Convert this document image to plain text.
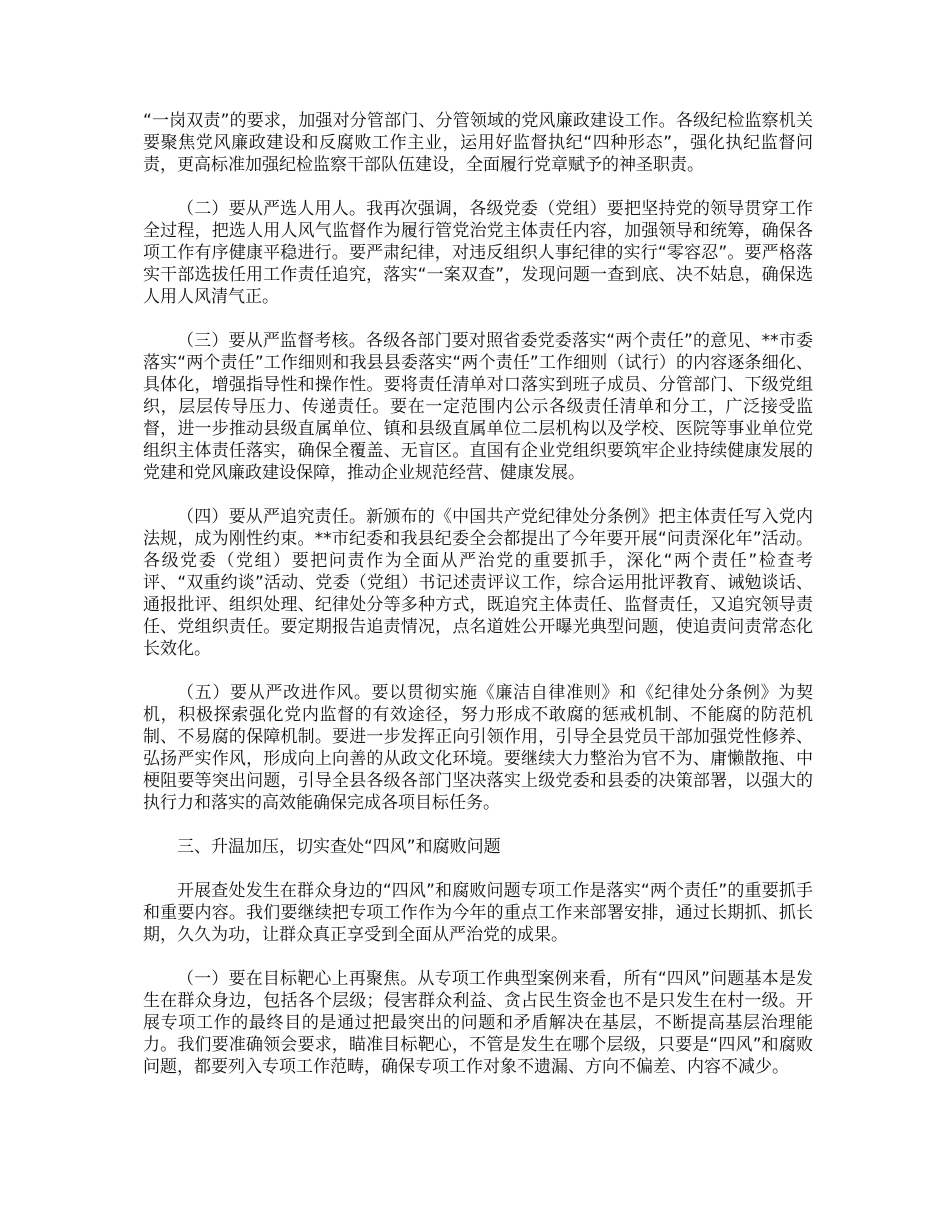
“一岗双责”的要求，加强对分管部门、分管领域的党风廉政建设工作。各级纪检监察机关要聚焦党风廉政建设和反腐败工作主业，运用好监督执纪“四种形态”，强化执纪监督问责，更高标准加强纪检监察干部队伍建设，全面履行党章赋予的神圣职责。

（二）要从严选人用人。我再次强调，各级党委（党组）要把坚持党的领导贯穿工作全过程，把选人用人风气监督作为履行管党治党主体责任内容，加强领导和统筹，确保各项工作有序健康平稳进行。要严肃纪律，对违反组织人事纪律的实行“零容忍”。要严格落实干部选拔任用工作责任追究，落实“一案双查”，发现问题一查到底、决不姑息，确保选人用人风清气正。

（三）要从严监督考核。各级各部门要对照省委党委落实“两个责任”的意见、**市委落实“两个责任”工作细则和我县县委落实“两个责任”工作细则（试行）的内容逐条细化、具体化，增强指导性和操作性。要将责任清单对口落实到班子成员、分管部门、下级党组织，层层传导压力、传递责任。要在一定范围内公示各级责任清单和分工，广泛接受监督，进一步推动县级直属单位、镇和县级直属单位二层机构以及学校、医院等事业单位党组织主体责任落实，确保全覆盖、无盲区。直国有企业党组织要筑牢企业持续健康发展的党建和党风廉政建设保障，推动企业规范经营、健康发展。

（四）要从严追究责任。新颁布的《中国共产党纪律处分条例》把主体责任写入党内法规，成为刚性约束。**市纪委和我县纪委全会都提出了今年要开展“问责深化年”活动。各级党委（党组）要把问责作为全面从严治党的重要抓手，深化“两个责任”检查考评、“双重约谈”活动、党委（党组）书记述责评议工作，综合运用批评教育、诫勉谈话、通报批评、组织处理、纪律处分等多种方式，既追究主体责任、监督责任，又追究领导责任、党组织责任。要定期报告追责情况，点名道姓公开曝光典型问题，使追责问责常态化长效化。

（五）要从严改进作风。要以贯彻实施《廉洁自律准则》和《纪律处分条例》为契机，积极探索强化党内监督的有效途径，努力形成不敢腐的惩戒机制、不能腐的防范机制、不易腐的保障机制。要进一步发挥正向引领作用，引导全县党员干部加强党性修养、弘扬严实作风，形成向上向善的从政文化环境。要继续大力整治为官不为、庸懒散拖、中梗阻要等突出问题，引导全县各级各部门坚决落实上级党委和县委的决策部署，以强大的执行力和落实的高效能确保完成各项目标任务。

三、升温加压，切实查处“四风”和腐败问题

开展查处发生在群众身边的“四风”和腐败问题专项工作是落实“两个责任”的重要抓手和重要内容。我们要继续把专项工作作为今年的重点工作来部署安排，通过长期抓、抓长期，久久为功，让群众真正享受到全面从严治党的成果。

（一）要在目标靶心上再聚焦。从专项工作典型案例来看，所有“四风”问题基本是发生在群众身边，包括各个层级；侵害群众利益、贪占民生资金也不是只发生在村一级。开展专项工作的最终目的是通过把最突出的问题和矛盾解决在基层，不断提高基层治理能力。我们要准确领会要求，瞄准目标靶心，不管是发生在哪个层级，只要是“四风”和腐败问题，都要列入专项工作范畴，确保专项工作对象不遗漏、方向不偏差、内容不减少。
